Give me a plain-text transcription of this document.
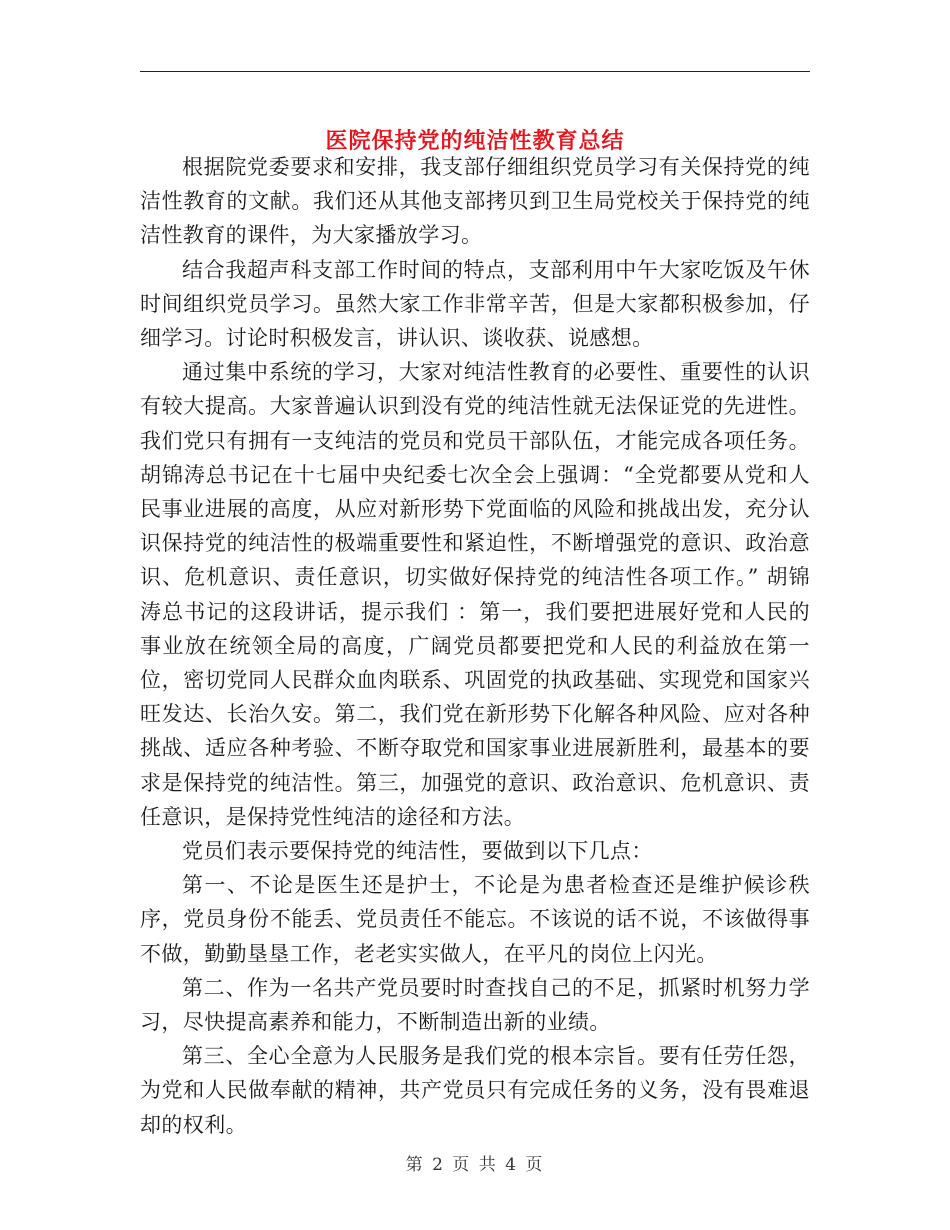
医院保持党的纯洁性教育总结

根据院党委要求和安排，我支部仔细组织党员学习有关保持党的纯洁性教育的文献。我们还从其他支部拷贝到卫生局党校关于保持党的纯洁性教育的课件，为大家播放学习。

结合我超声科支部工作时间的特点，支部利用中午大家吃饭及午休时间组织党员学习。虽然大家工作非常辛苦，但是大家都积极参加，仔细学习。讨论时积极发言，讲认识、谈收获、说感想。

通过集中系统的学习，大家对纯洁性教育的必要性、重要性的认识有较大提高。大家普遍认识到没有党的纯洁性就无法保证党的先进性。我们党只有拥有一支纯洁的党员和党员干部队伍，才能完成各项任务。胡锦涛总书记在十七届中央纪委七次全会上强调：“全党都要从党和人民事业进展的高度，从应对新形势下党面临的风险和挑战出发，充分认识保持党的纯洁性的极端重要性和紧迫性，不断增强党的意识、政治意识、危机意识、责任意识，切实做好保持党的纯洁性各项工作。” 胡锦涛总书记的这段讲话，提示我们 ：第一，我们要把进展好党和人民的事业放在统领全局的高度，广阔党员都要把党和人民的利益放在第一位，密切党同人民群众血肉联系、巩固党的执政基础、实现党和国家兴旺发达、长治久安。第二，我们党在新形势下化解各种风险、应对各种挑战、适应各种考验、不断夺取党和国家事业进展新胜利，最基本的要求是保持党的纯洁性。第三，加强党的意识、政治意识、危机意识、责任意识，是保持党性纯洁的途径和方法。

党员们表示要保持党的纯洁性，要做到以下几点：

第一、不论是医生还是护士，不论是为患者检查还是维护候诊秩序，党员身份不能丢、党员责任不能忘。不该说的话不说，不该做得事不做，勤勤垦垦工作，老老实实做人，在平凡的岗位上闪光。

第二、作为一名共产党员要时时查找自己的不足，抓紧时机努力学习，尽快提高素养和能力，不断制造出新的业绩。

第三、全心全意为人民服务是我们党的根本宗旨。要有任劳任怨，为党和人民做奉献的精神，共产党员只有完成任务的义务，没有畏难退却的权利。

第 2 页 共 4 页
